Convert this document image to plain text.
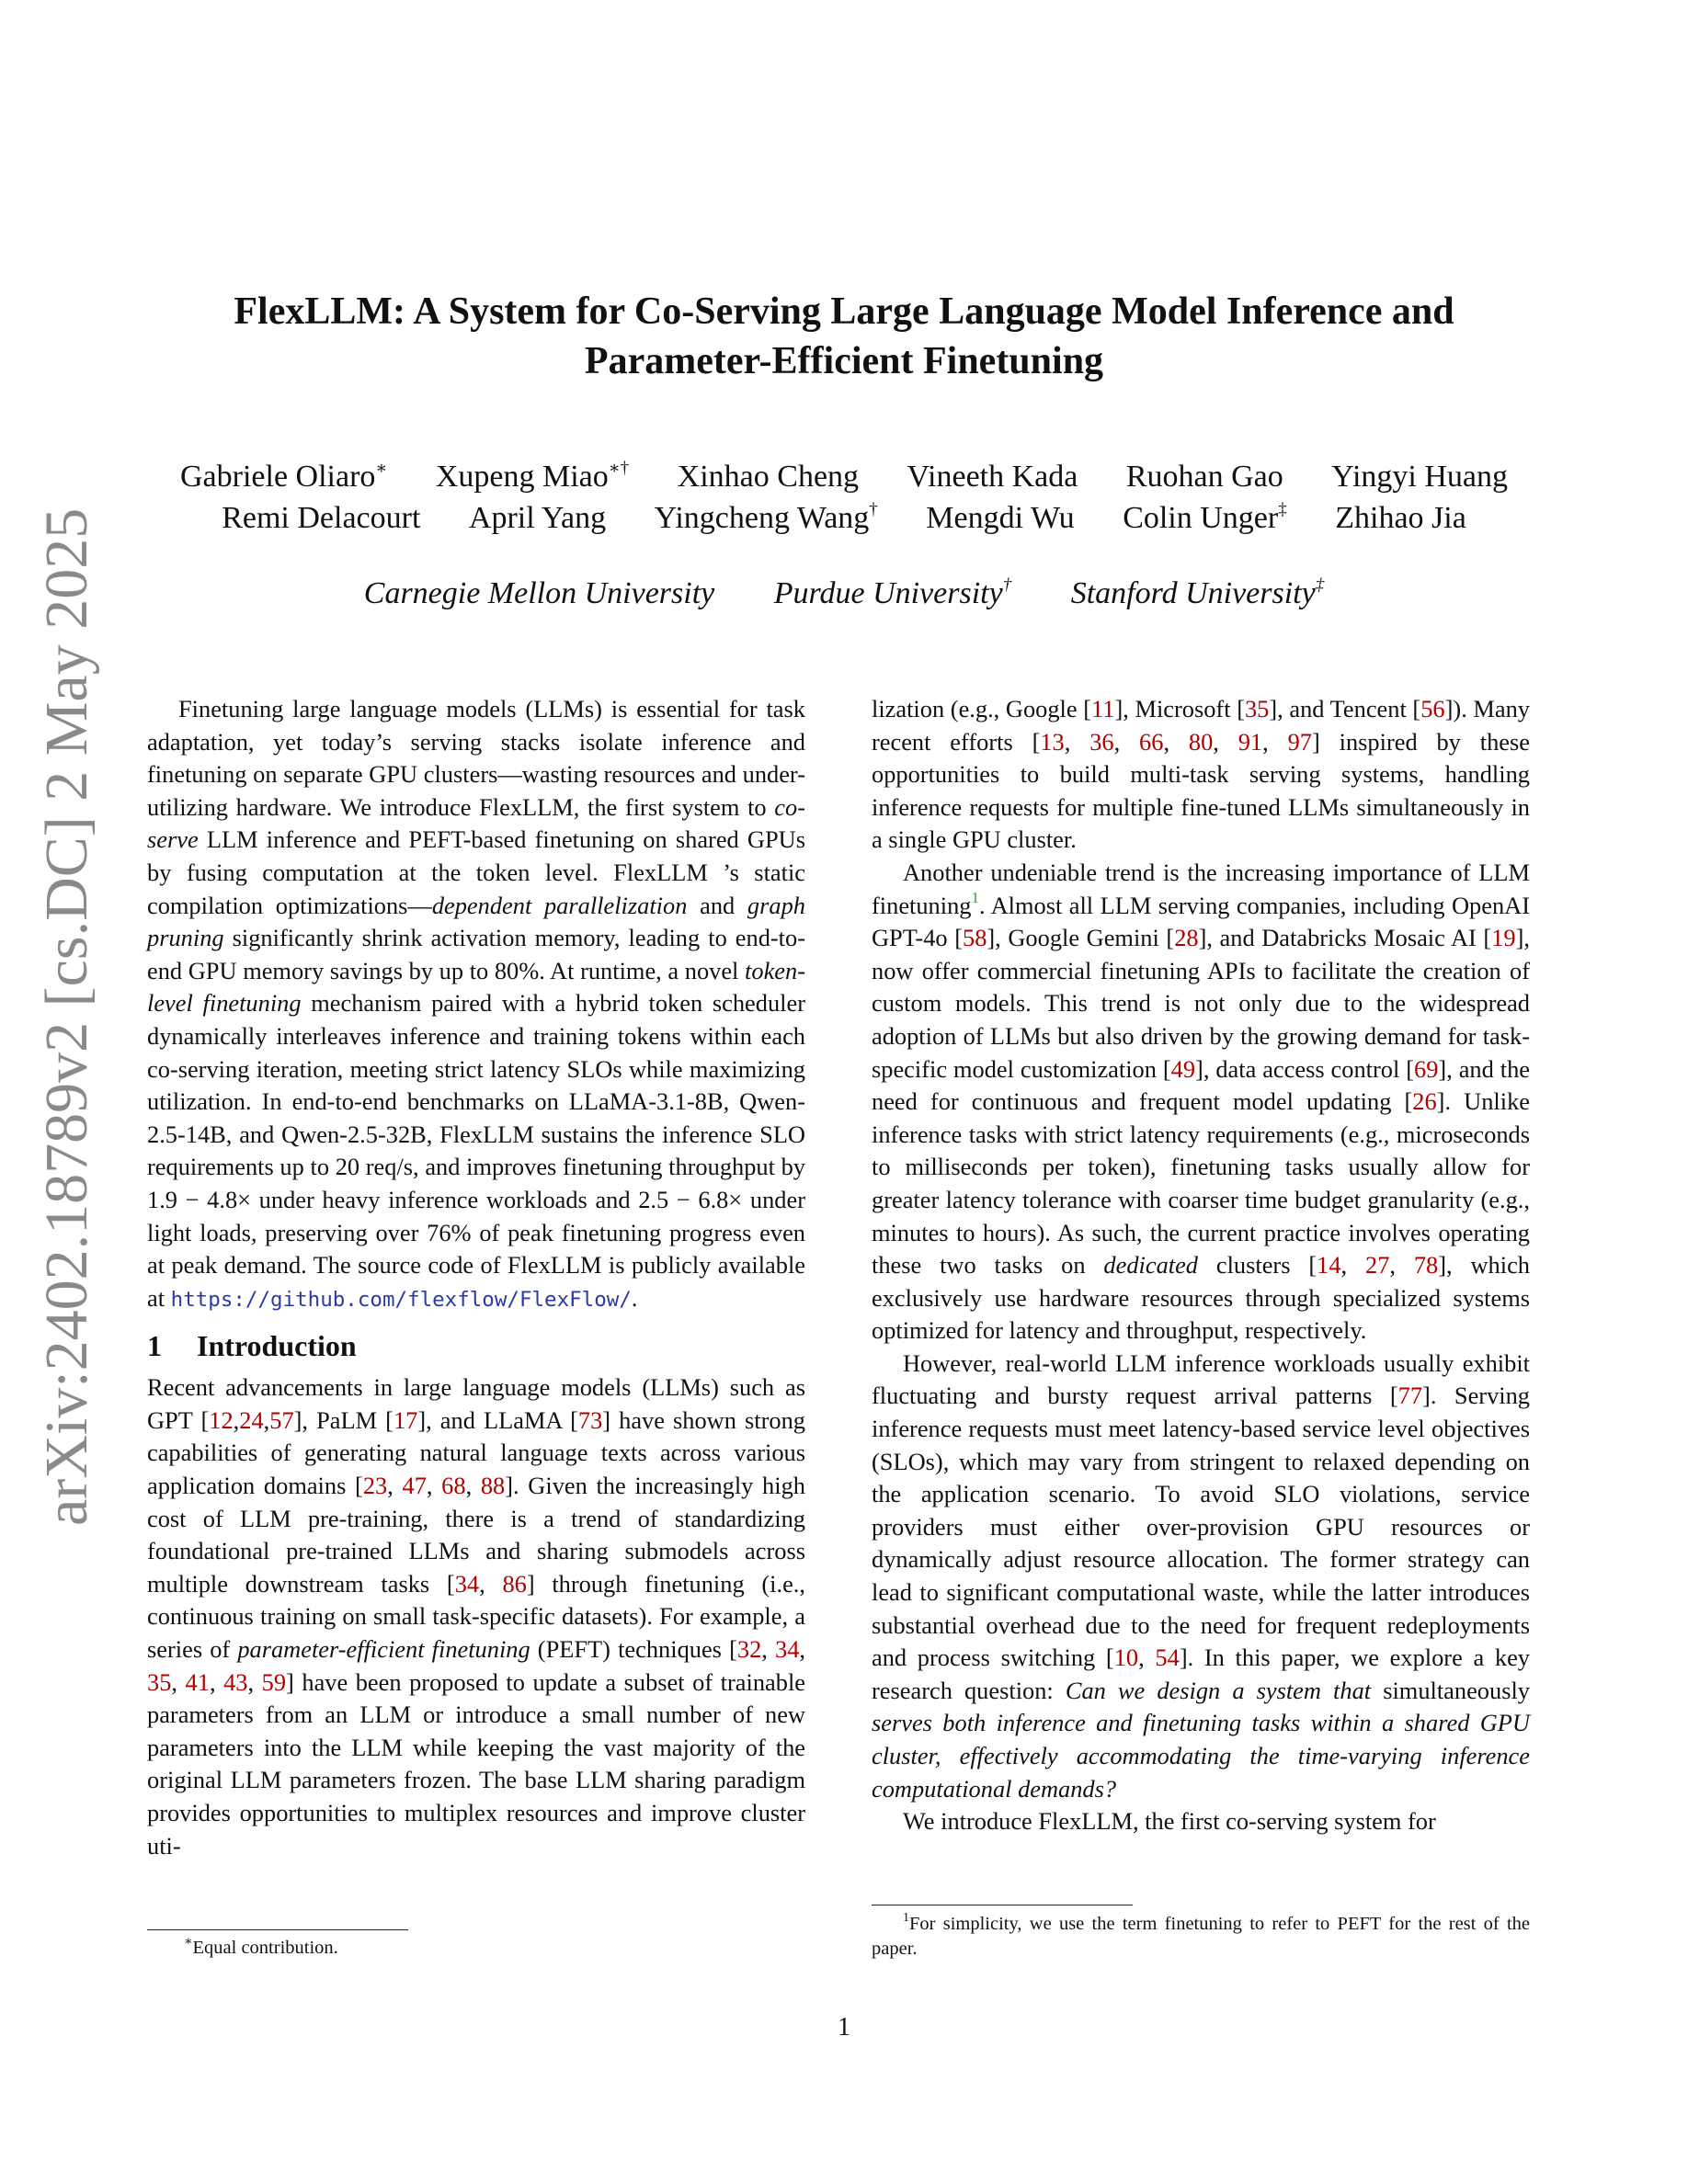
arXiv:2402.18789v2 [cs.DC] 2 May 2025
FlexLLM: A System for Co-Serving Large Language Model Inference and
Parameter-Efficient Finetuning
Gabriele Oliaro∗ Xupeng Miao∗† Xinhao Cheng Vineeth Kada Ruohan Gao Yingyi Huang
Remi Delacourt April Yang Yingcheng Wang† Mengdi Wu Colin Unger‡ Zhihao Jia
Carnegie Mellon University Purdue University† Stanford University‡

Finetuning large language models (LLMs) is essential for task adaptation, yet today’s serving stacks isolate inference and finetuning on separate GPU clusters—wasting resources and under-utilizing hardware. We introduce FlexLLM, the first system to co-serve LLM inference and PEFT-based finetuning on shared GPUs by fusing computation at the token level. FlexLLM ’s static compilation optimizations—dependent parallelization and graph pruning significantly shrink activation memory, leading to end-to-end GPU memory savings by up to 80%. At runtime, a novel token-level finetuning mechanism paired with a hybrid token scheduler dynamically interleaves inference and training tokens within each co-serving iteration, meeting strict latency SLOs while maximizing utilization. In end-to-end benchmarks on LLaMA-3.1-8B, Qwen-2.5-14B, and Qwen-2.5-32B, FlexLLM sustains the inference SLO requirements up to 20 req/s, and improves finetuning throughput by 1.9 − 4.8× under heavy inference workloads and 2.5 − 6.8× under light loads, preserving over 76% of peak finetuning progress even at peak demand. The source code of FlexLLM is publicly available at https://github.com/flexflow/FlexFlow/.

1 Introduction

Recent advancements in large language models (LLMs) such as GPT [12,24,57], PaLM [17], and LLaMA [73] have shown strong capabilities of generating natural language texts across various application domains [23, 47, 68, 88]. Given the increasingly high cost of LLM pre-training, there is a trend of standardizing foundational pre-trained LLMs and sharing submodels across multiple downstream tasks [34, 86] through finetuning (i.e., continuous training on small task-specific datasets). For example, a series of parameter-efficient finetuning (PEFT) techniques [32, 34, 35, 41, 43, 59] have been proposed to update a subset of trainable parameters from an LLM or introduce a small number of new parameters into the LLM while keeping the vast majority of the original LLM parameters frozen. The base LLM sharing paradigm provides opportunities to multiplex resources and improve cluster uti-

lization (e.g., Google [11], Microsoft [35], and Tencent [56]). Many recent efforts [13, 36, 66, 80, 91, 97] inspired by these opportunities to build multi-task serving systems, handling inference requests for multiple fine-tuned LLMs simultaneously in a single GPU cluster.

Another undeniable trend is the increasing importance of LLM finetuning$^1$. Almost all LLM serving companies, including OpenAI GPT-4o [58], Google Gemini [28], and Databricks Mosaic AI [19], now offer commercial finetuning APIs to facilitate the creation of custom models. This trend is not only due to the widespread adoption of LLMs but also driven by the growing demand for task-specific model customization [49], data access control [69], and the need for continuous and frequent model updating [26]. Unlike inference tasks with strict latency requirements (e.g., microseconds to milliseconds per token), finetuning tasks usually allow for greater latency tolerance with coarser time budget granularity (e.g., minutes to hours). As such, the current practice involves operating these two tasks on dedicated clusters [14, 27, 78], which exclusively use hardware resources through specialized systems optimized for latency and throughput, respectively.

However, real-world LLM inference workloads usually exhibit fluctuating and bursty request arrival patterns [77]. Serving inference requests must meet latency-based service level objectives (SLOs), which may vary from stringent to relaxed depending on the application scenario. To avoid SLO violations, service providers must either over-provision GPU resources or dynamically adjust resource allocation. The former strategy can lead to significant computational waste, while the latter introduces substantial overhead due to the need for frequent redeployments and process switching [10, 54]. In this paper, we explore a key research question: Can we design a system that simultaneously serves both inference and finetuning tasks within a shared GPU cluster, effectively accommodating the time-varying inference computational demands?

We introduce FlexLLM, the first co-serving system for

∗Equal contribution.
$^1$For simplicity, we use the term finetuning to refer to PEFT for the rest of the paper.
1
